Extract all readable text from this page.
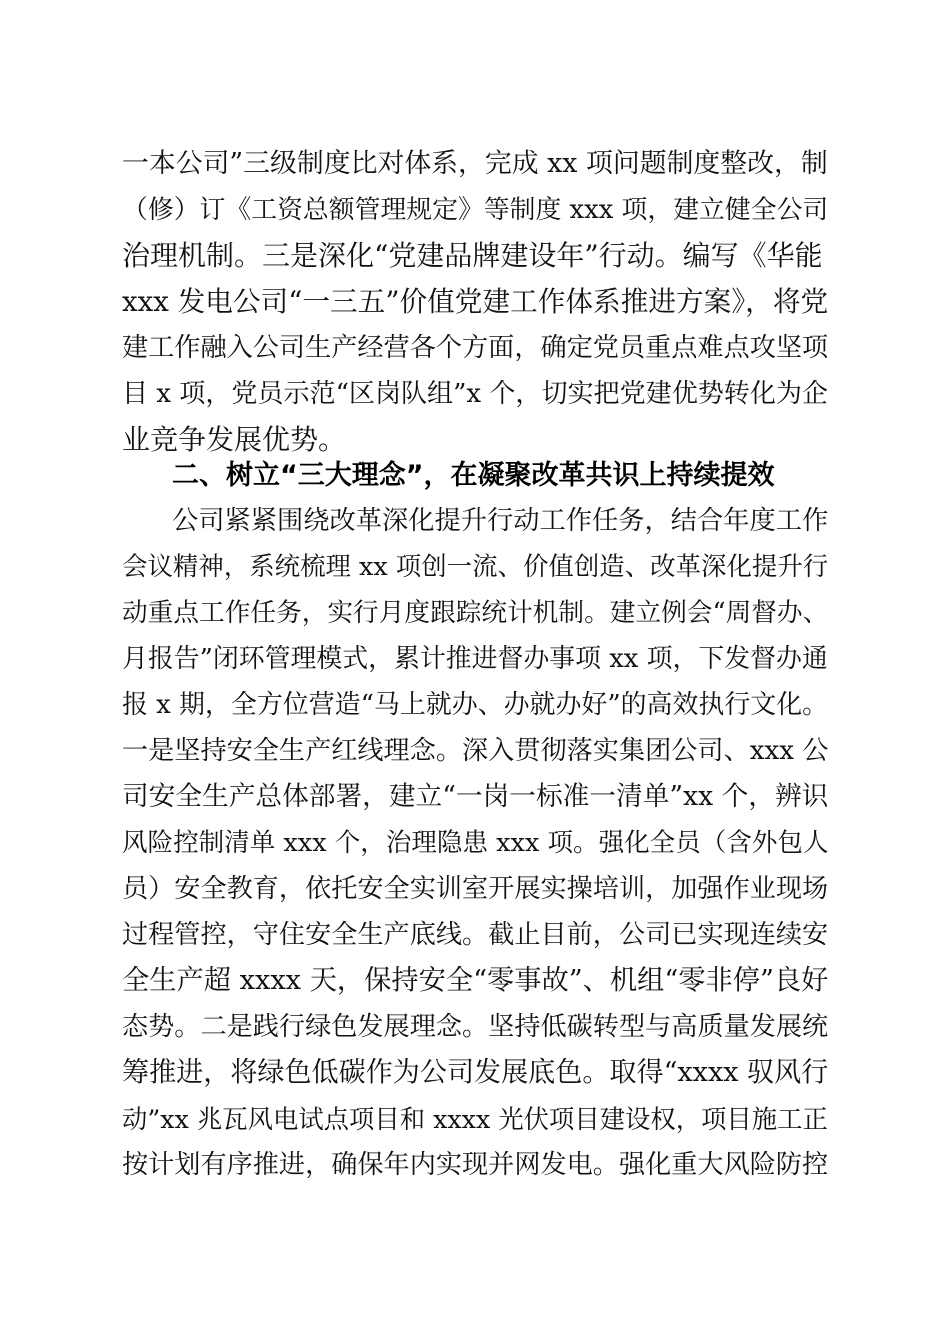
一本公司”三级制度比对体系，完成 xx 项问题制度整改，制
（修）订《工资总额管理规定》等制度 xxx 项，建立健全公司
治理机制。三是深化“党建品牌建设年”行动。编写《华能
xxx 发电公司“一三五”价值党建工作体系推进方案》，将党
建工作融入公司生产经营各个方面，确定党员重点难点攻坚项
目 x 项，党员示范“区岗队组”x 个，切实把党建优势转化为企
业竞争发展优势。
二、树立“三大理念”，在凝聚改革共识上持续提效
公司紧紧围绕改革深化提升行动工作任务，结合年度工作
会议精神，系统梳理 xx 项创一流、价值创造、改革深化提升行
动重点工作任务，实行月度跟踪统计机制。建立例会“周督办、
月报告”闭环管理模式，累计推进督办事项 xx 项，下发督办通
报 x 期，全方位营造“马上就办、办就办好”的高效执行文化。
一是坚持安全生产红线理念。深入贯彻落实集团公司、xxx 公
司安全生产总体部署，建立“一岗一标准一清单”xx 个，辨识
风险控制清单 xxx 个，治理隐患 xxx 项。强化全员（含外包人
员）安全教育，依托安全实训室开展实操培训，加强作业现场
过程管控，守住安全生产底线。截止目前，公司已实现连续安
全生产超 xxxx 天，保持安全“零事故”、机组“零非停”良好
态势。二是践行绿色发展理念。坚持低碳转型与高质量发展统
筹推进，将绿色低碳作为公司发展底色。取得“xxxx 驭风行
动”xx 兆瓦风电试点项目和 xxxx 光伏项目建设权，项目施工正
按计划有序推进，确保年内实现并网发电。强化重大风险防控
